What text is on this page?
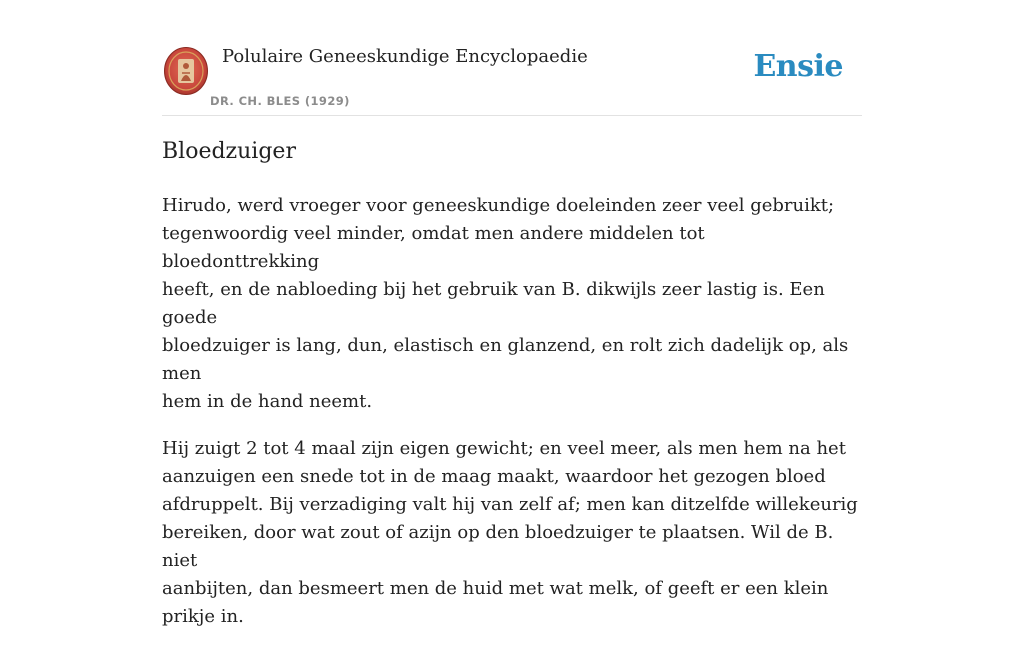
Polulaire Geneeskundige Encyclopaedie
DR. CH. BLES (1929)
Ensie
Bloedzuiger

Hirudo, werd vroeger voor geneeskundige doeleinden zeer veel gebruikt;
tegenwoordig veel minder, omdat men andere middelen tot bloedonttrekking
heeft, en de nabloeding bij het gebruik van B. dikwijls zeer lastig is. Een goede
bloedzuiger is lang, dun, elastisch en glanzend, en rolt zich dadelijk op, als men
hem in de hand neemt.

Hij zuigt 2 tot 4 maal zijn eigen gewicht; en veel meer, als men hem na het
aanzuigen een snede tot in de maag maakt, waardoor het gezogen bloed
afdruppelt. Bij verzadiging valt hij van zelf af; men kan ditzelfde willekeurig
bereiken, door wat zout of azijn op den bloedzuiger te plaatsen. Wil de B. niet
aanbijten, dan besmeert men de huid met wat melk, of geeft er een klein prikje in.
